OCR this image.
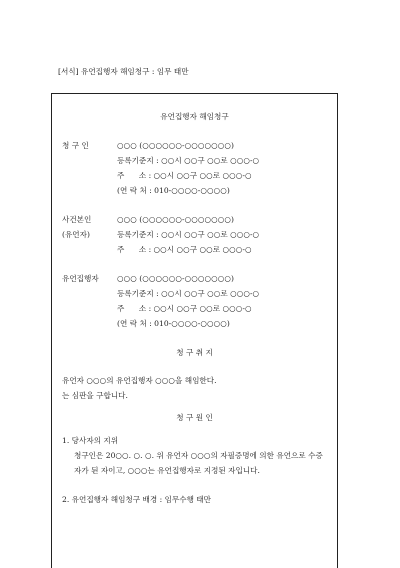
[서식] 유언집행자 해임청구 : 임무 태만
유언집행자 해임청구
청 구 인	○○○ (○○○○○○-○○○○○○○)
등록기준지 : ○○시 ○○구 ○○로 ○○○-○
주      소 : ○○시 ○○구 ○○로 ○○○-○
(연 락 처 : 010-○○○○-○○○○)
사건본인
(유언자)
○○○ (○○○○○○-○○○○○○○)
등록기준지 : ○○시 ○○구 ○○로 ○○○-○
주      소 : ○○시 ○○구 ○○로 ○○○-○
유언집행자 ○○○ (○○○○○○-○○○○○○○)
등록기준지 : ○○시 ○○구 ○○로 ○○○-○
주      소 : ○○시 ○○구 ○○로 ○○○-○
(연 락 처 : 010-○○○○-○○○○)
청 구 취 지
유언자 ○○○의 유언집행자 ○○○을 해임한다.
는 심판을 구합니다.
청 구 원 인
1. 당사자의 지위
청구인은 20○○. ○. ○. 위 유언자 ○○○의 자필증명에 의한 유언으로 수증
자가 된 자이고, ○○○는 유언집행자로 지정된 자입니다.
2. 유언집행자 해임청구 배경 : 임무수행 태만
